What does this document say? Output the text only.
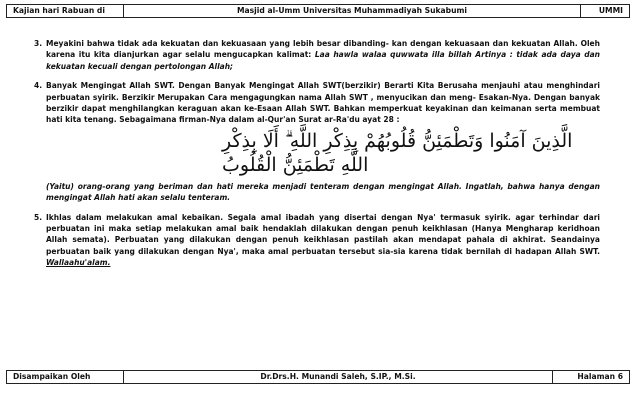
Kajian hari Rabuan di	Masjid al-Umm Universitas Muhammadiyah Sukabumi	UMMI
3. Meyakini bahwa tidak ada kekuatan dan kekuasaan yang lebih besar dibanding- kan dengan kekuasaan dan kekuatan Allah. Oleh karena itu kita dianjurkan agar selalu mengucapkan kalimat: Laa hawla walaa quwwata illa billah Artinya : tidak ada daya dan kekuatan kecuali dengan pertolongan Allah;
4. Banyak Mengingat Allah SWT. Dengan Banyak Mengingat Allah SWT(berzikir) Berarti Kita Berusaha menjauhi atau menghindari perbuatan syirik. Berzikir Merupakan Cara mengagungkan nama Allah SWT , menyucikan dan meng- Esakan-Nya. Dengan banyak berzikir dapat menghilangkan keraguan akan ke-Esaan Allah SWT. Bahkan memperkuat keyakinan dan keimanan serta membuat hati kita tenang. Sebagaimana firman-Nya dalam al-Qur'an Surat ar-Ra'du ayat 28 :
الَّذِينَ آمَنُوا وَتَطْمَئِنُّ قُلُوبُهُمْ بِذِكْرِ اللَّهِ ۗ أَلَا بِذِكْرِ اللَّهِ تَطْمَئِنُّ الْقُلُوبُ
(Yaitu) orang-orang yang beriman dan hati mereka menjadi tenteram dengan mengingat Allah. Ingatlah, bahwa hanya dengan mengingat Allah hati akan selalu tenteram.
5. Ikhlas dalam melakukan amal kebaikan. Segala amal ibadah yang disertai dengan Nya' termasuk syirik. agar terhindar dari perbuatan ini maka setiap melakukan amal baik hendaklah dilakukan dengan penuh keikhlasan (Hanya Mengharap keridhoan Allah semata). Perbuatan yang dilakukan dengan penuh keikhlasan pastilah akan mendapat pahala di akhirat. Seandainya perbuatan baik yang dilakukan dengan Nya', maka amal perbuatan tersebut sia-sia karena tidak bernilah di hadapan Allah SWT. Wallaahu'alam.
Disampaikan Oleh	Dr.Drs.H. Munandi Saleh, S.IP., M.Si.	Halaman 6
